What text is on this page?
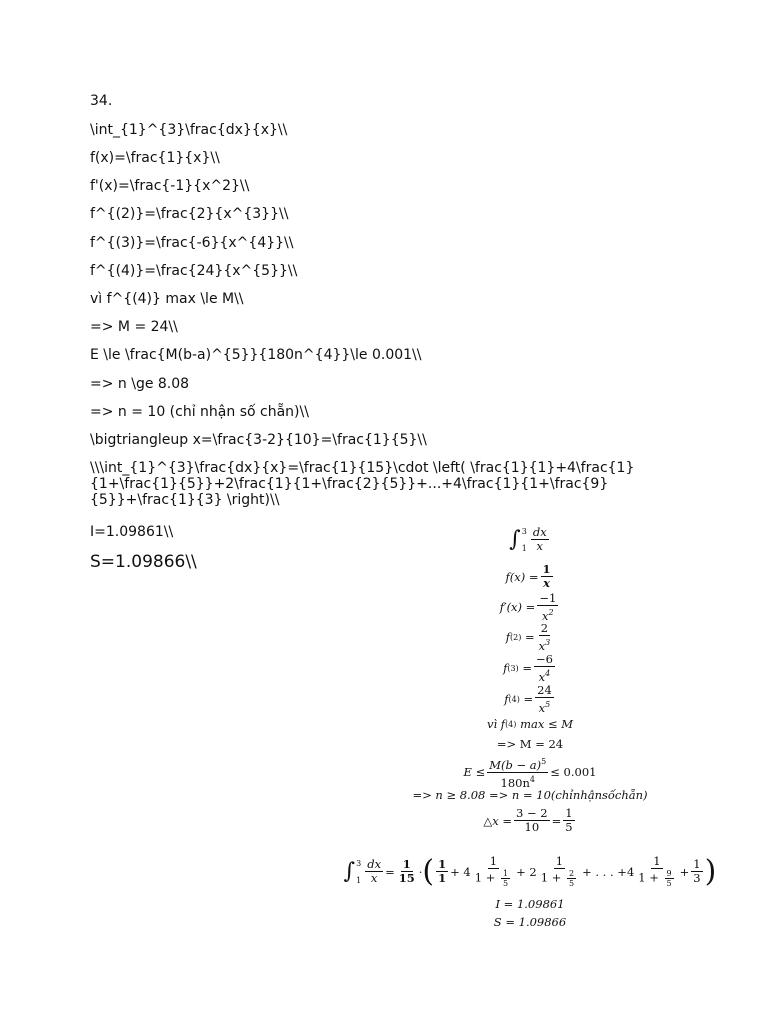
34.
\int_{1}^{3}\frac{dx}{x}\\
f(x)=\frac{1}{x}\\
f'(x)=\frac{-1}{x^2}\\
f^{(2)}=\frac{2}{x^{3}}\\
f^{(3)}=\frac{-6}{x^{4}}\\
f^{(4)}=\frac{24}{x^{5}}\\
vì f^{(4)} max \le M\\
=> M = 24\\
E \le \frac{M(b-a)^{5}}{180n^{4}}\le 0.001\\
=> n \ge 8.08
=> n = 10 (chỉ nhận số chẵn)\\
\bigtriangleup x=\frac{3-2}{10}=\frac{1}{5}\\
\\\int_{1}^{3}\frac{dx}{x}=\frac{1}{15}\cdot \left( \frac{1}{1}+4\frac{1}{1+\frac{1}{5}}+2\frac{1}{1+\frac{2}{5}}+...+4\frac{1}{1+\frac{9}{5}}+\frac{1}{3} \right)\\
I=1.09861\\
S=1.09866\\
∫ 3
1
dx
x
$f(x) = \frac{1}{x}$
$f'(x) = \frac{-1}{x^2}$
f $(2) = \frac{2}{x^3}$
f $(3) = \frac{-6}{x^4}$
f $(4) = \frac{24}{x^5}$
vì f (4)
max ≤
M
=> M = 24
$E \le \frac{M(b - a)^5}{180n^4} \le 0.001$
=> n ≥ 8.08 => n = 10(chỉnhậnsốchẵn)
△x = $\frac{3 - 2}{10} = \frac{1}{5}$
∫ 3
$1 \frac{dx}{x} = \frac{1}{15}$ · ( 1
1 + 4
1
$1 + \frac{1}{5} + 2$
1
$1 + \frac{2}{5}$ + . . . +4
1
$1 + \frac{9}{5} + \frac{1}{3}$ )
I = 1.09861
S = 1.09866
